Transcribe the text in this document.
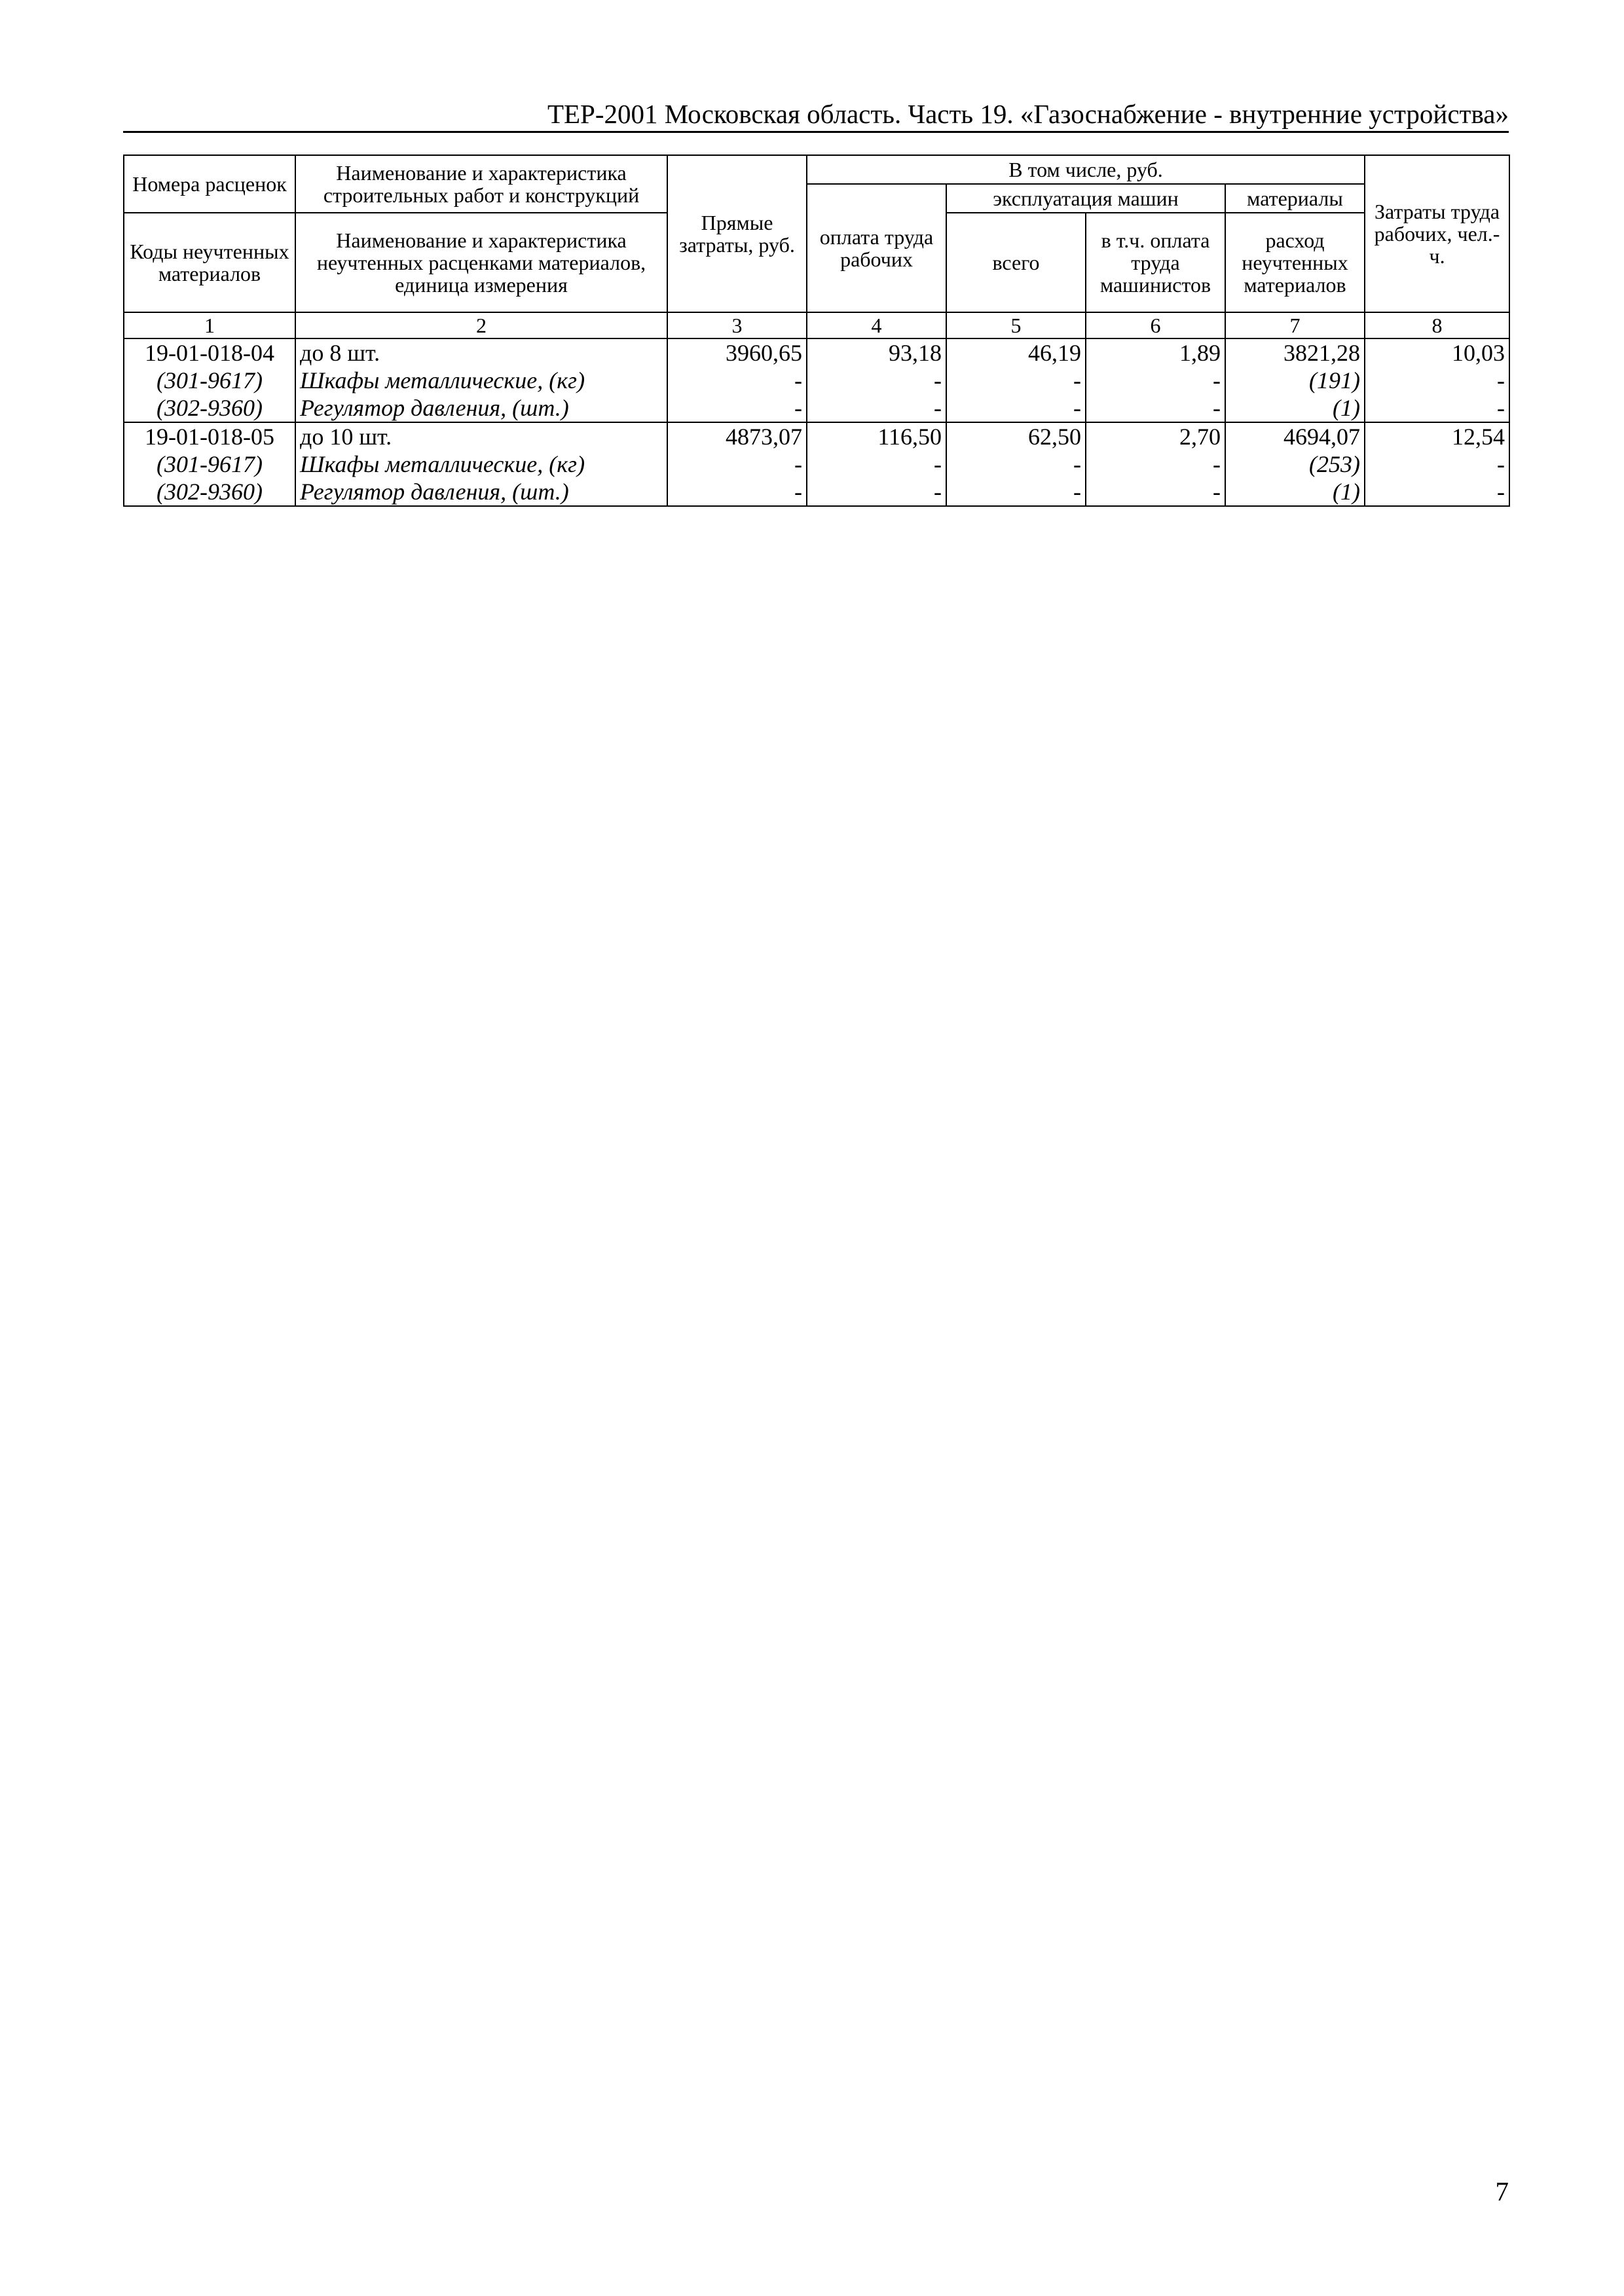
ТЕР-2001 Московская область. Часть 19. «Газоснабжение - внутренние устройства»
Номера расценок	Наименование и характеристика строительных работ и конструкций	Прямые затраты, руб.	В том числе, руб.				Затраты труда рабочих, чел.-ч.
			оплата труда рабочих	эксплуатация машин		материалы	
Коды неучтенных материалов	Наименование и характеристика неучтенных расценками материалов, единица измерения			всего	в т.ч. оплата труда машинистов	расход неучтенных материалов	
1	2	3	4	5	6	7	8
19-01-018-04	до 8 шт.	3960,65	93,18	46,19	1,89	3821,28	10,03
(301-9617)	Шкафы металлические, (кг)	-	-	-	-	(191)	-
(302-9360)	Регулятор давления, (шт.)	-	-	-	-	(1)	-
19-01-018-05	до 10 шт.	4873,07	116,50	62,50	2,70	4694,07	12,54
(301-9617)	Шкафы металлические, (кг)	-	-	-	-	(253)	-
(302-9360)	Регулятор давления, (шт.)	-	-	-	-	(1)	-
7
